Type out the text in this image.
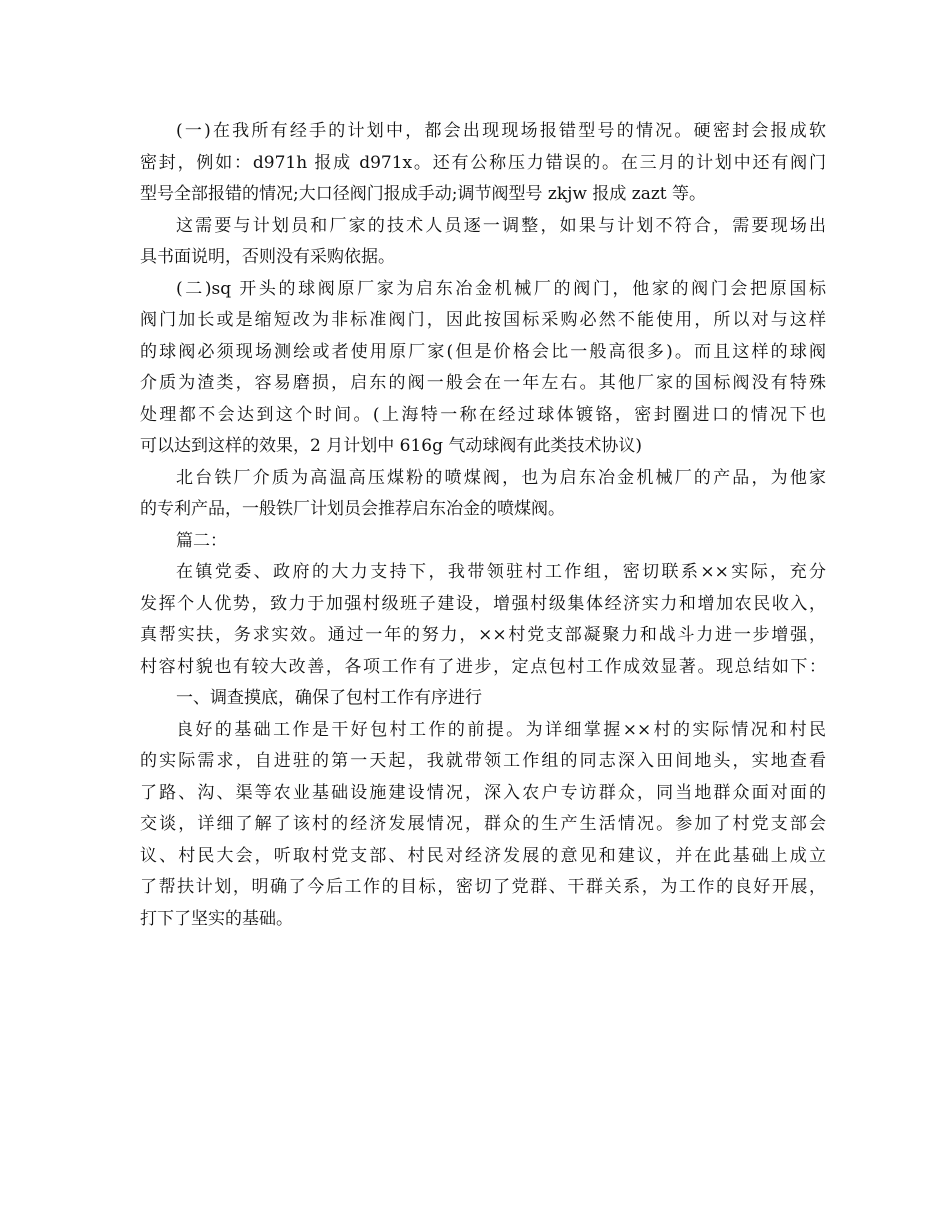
(一)在我所有经手的计划中，都会出现现场报错型号的情况。硬密封会报成软
密封，例如：d971h 报成 d971x。还有公称压力错误的。在三月的计划中还有阀门
型号全部报错的情况;大口径阀门报成手动;调节阀型号 zkjw 报成 zazt 等。
这需要与计划员和厂家的技术人员逐一调整，如果与计划不符合，需要现场出
具书面说明，否则没有采购依据。
(二)sq 开头的球阀原厂家为启东冶金机械厂的阀门，他家的阀门会把原国标
阀门加长或是缩短改为非标准阀门，因此按国标采购必然不能使用，所以对与这样
的球阀必须现场测绘或者使用原厂家(但是价格会比一般高很多)。而且这样的球阀
介质为渣类，容易磨损，启东的阀一般会在一年左右。其他厂家的国标阀没有特殊
处理都不会达到这个时间。(上海特一称在经过球体镀铬，密封圈进口的情况下也
可以达到这样的效果，2 月计划中 616g 气动球阀有此类技术协议)
北台铁厂介质为高温高压煤粉的喷煤阀，也为启东冶金机械厂的产品，为他家
的专利产品，一般铁厂计划员会推荐启东冶金的喷煤阀。
篇二：
在镇党委、政府的大力支持下，我带领驻村工作组，密切联系××实际，充分
发挥个人优势，致力于加强村级班子建设，增强村级集体经济实力和增加农民收入，
真帮实扶，务求实效。通过一年的努力，××村党支部凝聚力和战斗力进一步增强，
村容村貌也有较大改善，各项工作有了进步，定点包村工作成效显著。现总结如下：
一、调查摸底，确保了包村工作有序进行
良好的基础工作是干好包村工作的前提。为详细掌握××村的实际情况和村民
的实际需求，自进驻的第一天起，我就带领工作组的同志深入田间地头，实地查看
了路、沟、渠等农业基础设施建设情况，深入农户专访群众，同当地群众面对面的
交谈，详细了解了该村的经济发展情况，群众的生产生活情况。参加了村党支部会
议、村民大会，听取村党支部、村民对经济发展的意见和建议，并在此基础上成立
了帮扶计划，明确了今后工作的目标，密切了党群、干群关系，为工作的良好开展，
打下了坚实的基础。
